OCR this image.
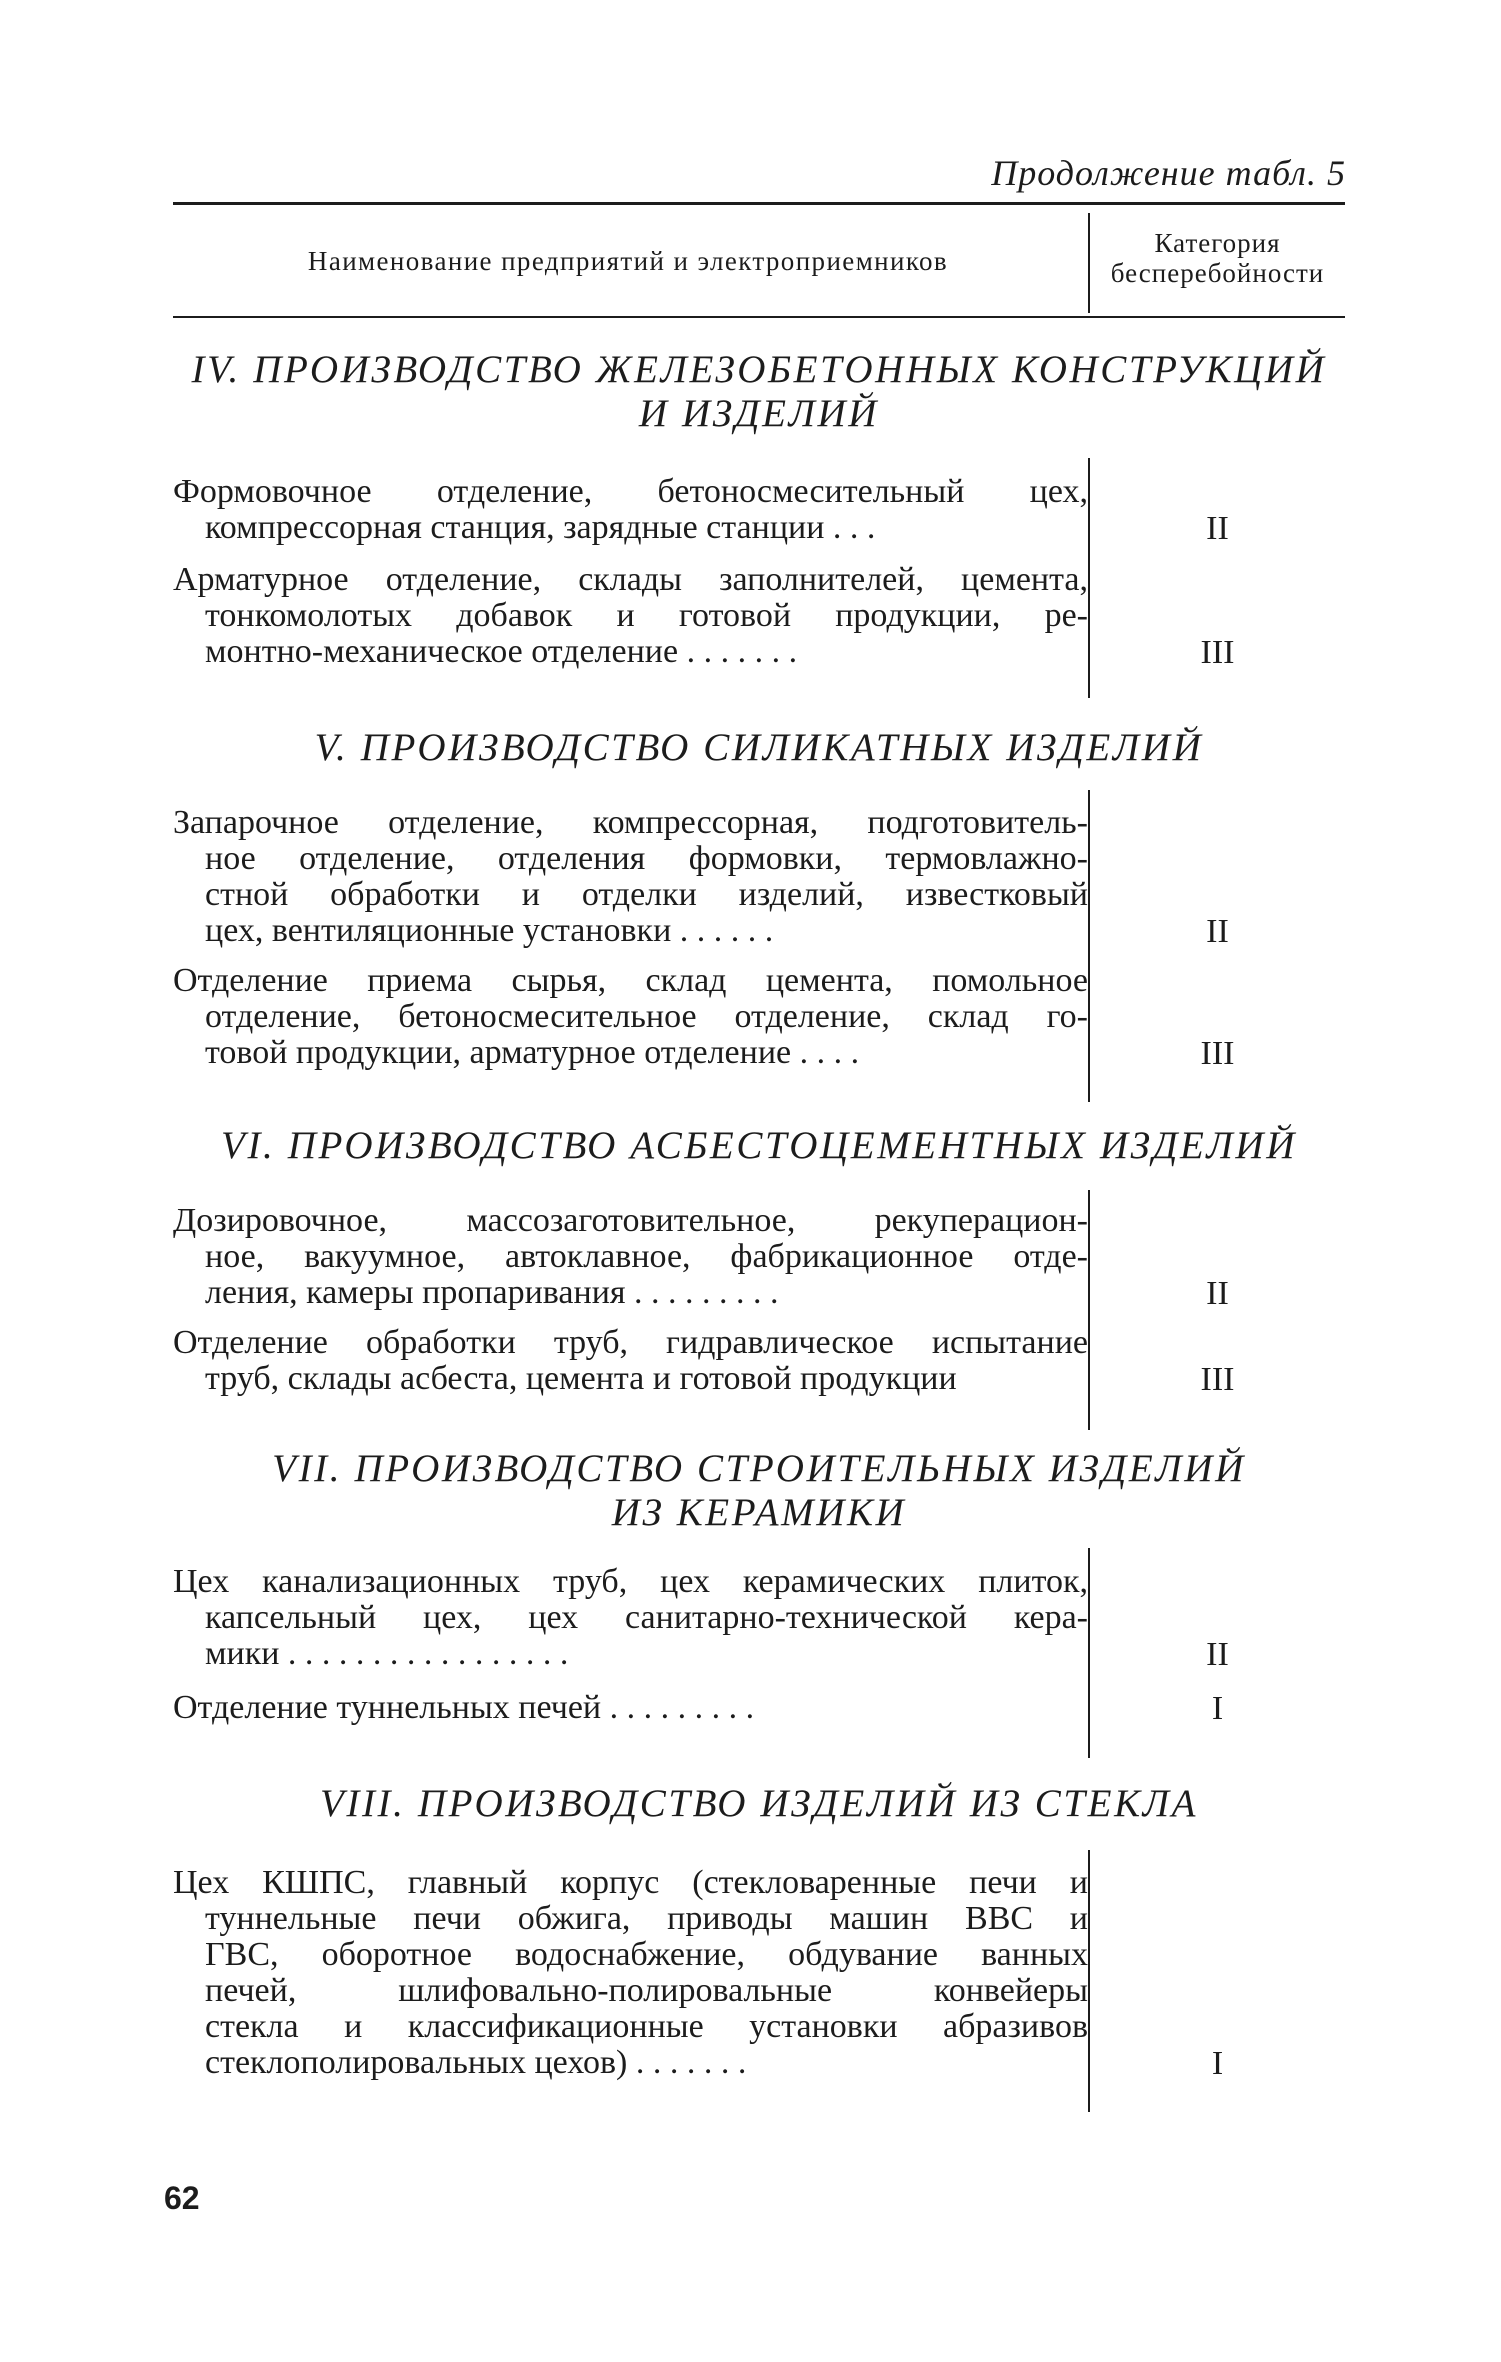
Продолжение табл. 5
Наименование предприятий и электроприемников
Категория
бесперебойности
IV. ПРОИЗВОДСТВО ЖЕЛЕЗОБЕТОННЫХ КОНСТРУКЦИЙ
И ИЗДЕЛИЙ
Формовочное отделение, бетоносмесительный цех,
компрессорная станция, зарядные станции . . .	II
Арматурное отделение, склады заполнителей, цемента,
тонкомолотых добавок и готовой продукции, ре-
монтно-механическое отделение . . . . . . .	III
V. ПРОИЗВОДСТВО СИЛИКАТНЫХ ИЗДЕЛИЙ
Запарочное отделение, компрессорная, подготовитель-
ное отделение, отделения формовки, термовлажно-
стной обработки и отделки изделий, известковый
цех, вентиляционные установки . . . . . .	II
Отделение приема сырья, склад цемента, помольное
отделение, бетоносмесительное отделение, склад го-
товой продукции, арматурное отделение . . . .	III
VI. ПРОИЗВОДСТВО АСБЕСТОЦЕМЕНТНЫХ ИЗДЕЛИЙ
Дозировочное, массозаготовительное, рекуперацион-
ное, вакуумное, автоклавное, фабрикационное отде-
ления, камеры пропаривания . . . . . . . . .	II
Отделение обработки труб, гидравлическое испытание
труб, склады асбеста, цемента и готовой продукции	III
VII. ПРОИЗВОДСТВО СТРОИТЕЛЬНЫХ ИЗДЕЛИЙ
ИЗ КЕРАМИКИ
Цех канализационных труб, цех керамических плиток,
капсельный цех, цех санитарно-технической кера-
мики . . . . . . . . . . . . . . . . .	II
Отделение туннельных печей . . . . . . . . .	I
VIII. ПРОИЗВОДСТВО ИЗДЕЛИЙ ИЗ СТЕКЛА
Цех КШПС, главный корпус (стекловаренные печи и
туннельные печи обжига, приводы машин ВВС и
ГВС, оборотное водоснабжение, обдувание ванных
печей, шлифовально-полировальные конвейеры
стекла и классификационные установки абразивов
стеклополировальных цехов) . . . . . . .	I
62
